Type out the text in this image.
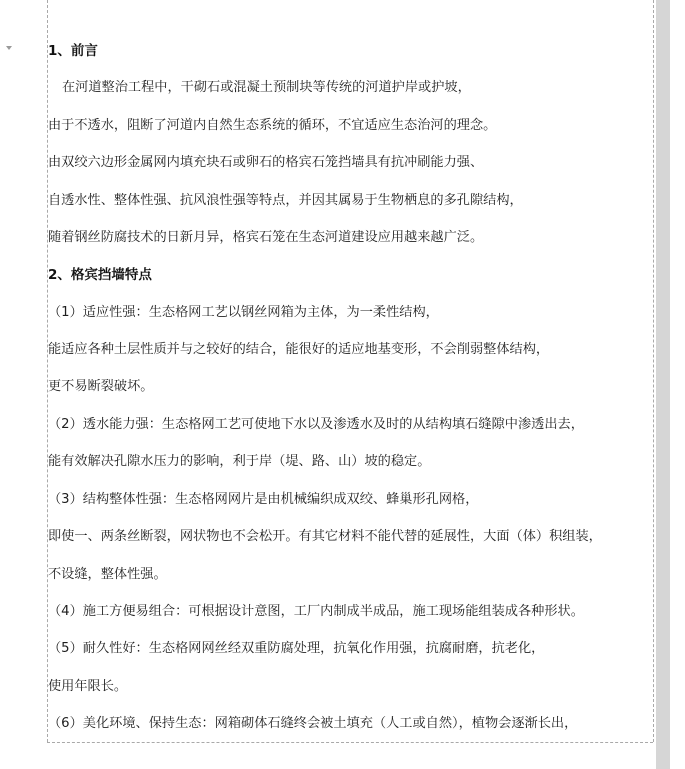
1、前言
在河道整治工程中，干砌石或混凝土预制块等传统的河道护岸或护坡，
由于不透水，阻断了河道内自然生态系统的循环，不宜适应生态治河的理念。
由双绞六边形金属网内填充块石或卵石的格宾石笼挡墙具有抗冲刷能力强、
自透水性、整体性强、抗风浪性强等特点，并因其属易于生物栖息的多孔隙结构，
随着钢丝防腐技术的日新月异，格宾石笼在生态河道建设应用越来越广泛。
2、格宾挡墙特点
（1）适应性强：生态格网工艺以钢丝网箱为主体，为一柔性结构，
能适应各种土层性质并与之较好的结合，能很好的适应地基变形，不会削弱整体结构，
更不易断裂破坏。
（2）透水能力强：生态格网工艺可使地下水以及渗透水及时的从结构填石缝隙中渗透出去，
能有效解决孔隙水压力的影响，利于岸（堤、路、山）坡的稳定。
（3）结构整体性强：生态格网网片是由机械编织成双绞、蜂巢形孔网格，
即使一、两条丝断裂，网状物也不会松开。有其它材料不能代替的延展性，大面（体）积组装，
不设缝，整体性强。
（4）施工方便易组合：可根据设计意图，工厂内制成半成品，施工现场能组装成各种形状。
（5）耐久性好：生态格网网丝经双重防腐处理，抗氧化作用强，抗腐耐磨，抗老化，
使用年限长。
（6）美化环境、保持生态：网箱砌体石缝终会被土填充（人工或自然），植物会逐渐长出，
